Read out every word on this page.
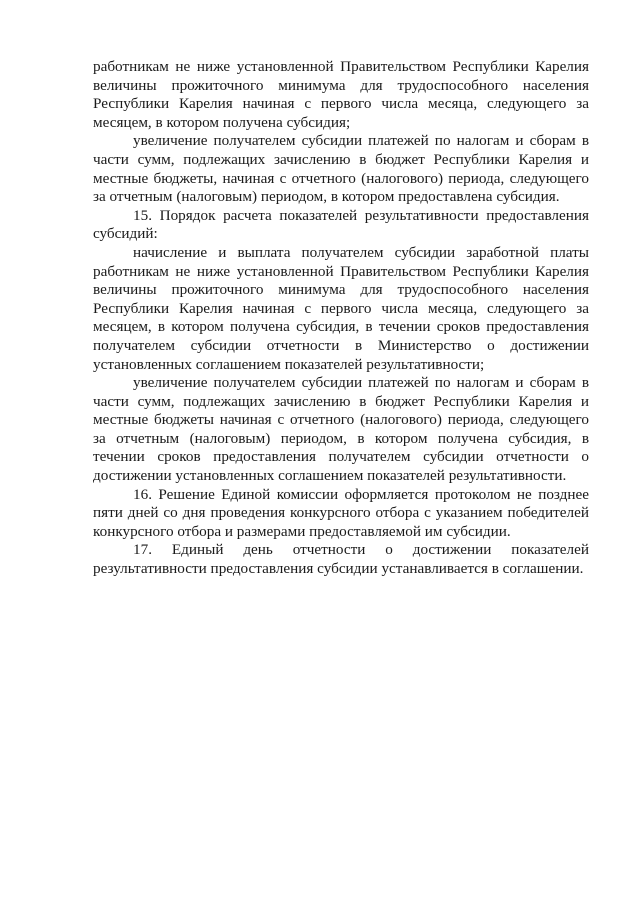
работникам не ниже установленной Правительством Республики Карелия величины прожиточного минимума для трудоспособного населения Республики Карелия начиная с первого числа месяца, следующего за месяцем, в котором получена субсидия;

увеличение получателем субсидии платежей по налогам и сборам в части сумм, подлежащих зачислению в бюджет Республики Карелия и местные бюджеты, начиная с отчетного (налогового) периода, следующего за отчетным (налоговым) периодом, в котором предоставлена субсидия.

15. Порядок расчета показателей результативности предоставления субсидий:

начисление и выплата получателем субсидии заработной платы работникам не ниже установленной Правительством Республики Карелия величины прожиточного минимума для трудоспособного населения Республики Карелия начиная с первого числа месяца, следующего за месяцем, в котором получена субсидия, в течении сроков предоставления получателем субсидии отчетности в Министерство о достижении установленных соглашением показателей результативности;

увеличение получателем субсидии платежей по налогам и сборам в части сумм, подлежащих зачислению в бюджет Республики Карелия и местные бюджеты начиная с отчетного (налогового) периода, следующего за отчетным (налоговым) периодом, в котором получена субсидия, в течении сроков предоставления получателем субсидии отчетности о достижении установленных соглашением показателей результативности.

16. Решение Единой комиссии оформляется протоколом не позднее пяти дней со дня проведения конкурсного отбора с указанием победителей конкурсного отбора и размерами предоставляемой им субсидии.

17. Единый день отчетности о достижении показателей результативности предоставления субсидии устанавливается в соглашении.
